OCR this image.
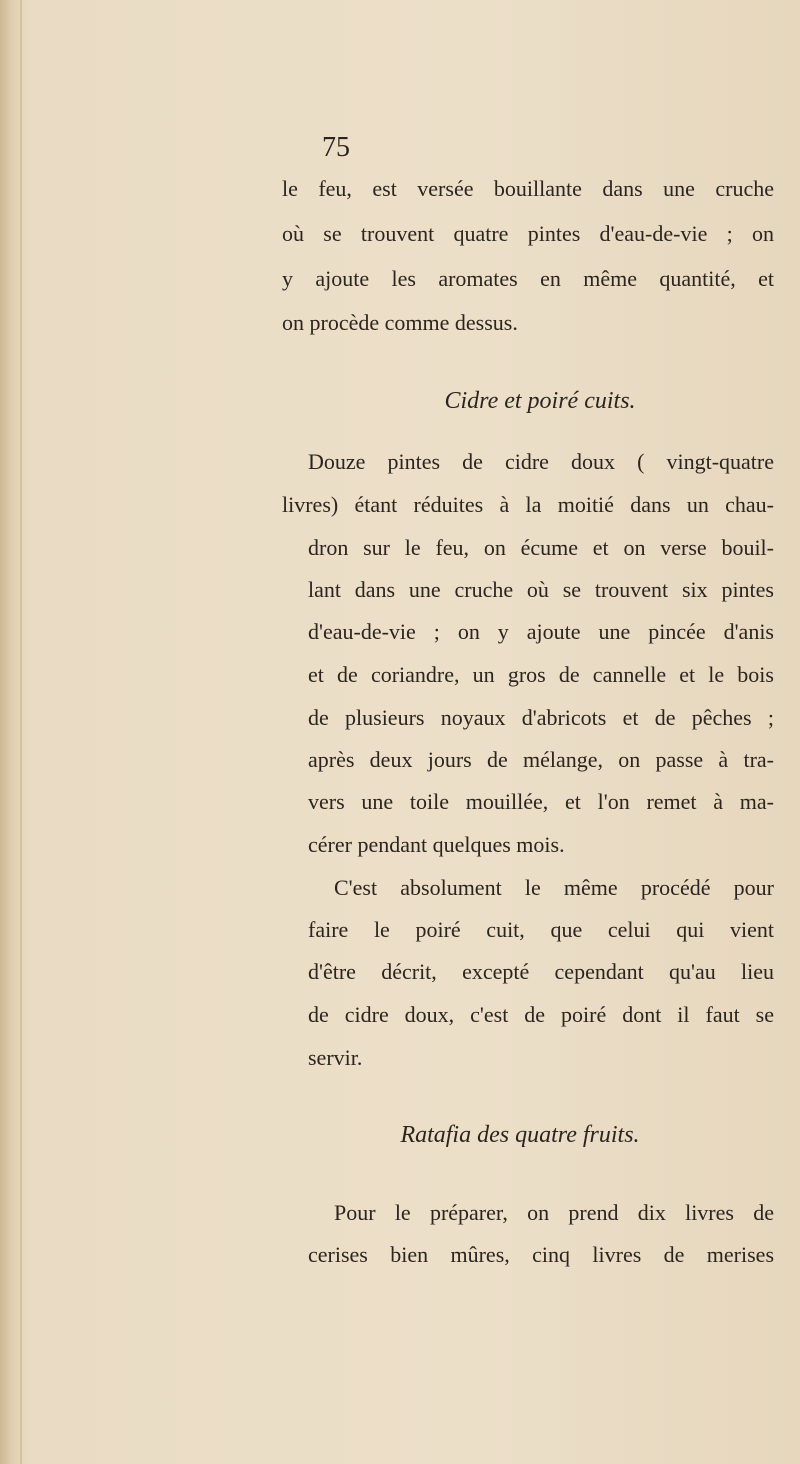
75
le feu, est versée bouillante dans une cruche
où se trouvent quatre pintes d'eau-de-vie ; on
y ajoute les aromates en même quantité, et
on procède comme dessus.
Cidre et poiré cuits.
Douze pintes de cidre doux ( vingt-quatre
livres) étant réduites à la moitié dans un chau-
dron sur le feu, on écume et on verse bouil-
lant dans une cruche où se trouvent six pintes
d'eau-de-vie ; on y ajoute une pincée d'anis
et de coriandre, un gros de cannelle et le bois
de plusieurs noyaux d'abricots et de pêches ;
après deux jours de mélange, on passe à tra-
vers une toile mouillée, et l'on remet à ma-
cérer pendant quelques mois.
C'est absolument le même procédé pour
faire le poiré cuit, que celui qui vient
d'être décrit, excepté cependant qu'au lieu
de cidre doux, c'est de poiré dont il faut se
servir.
Ratafia des quatre fruits.
Pour le préparer, on prend dix livres de
cerises bien mûres, cinq livres de merises
